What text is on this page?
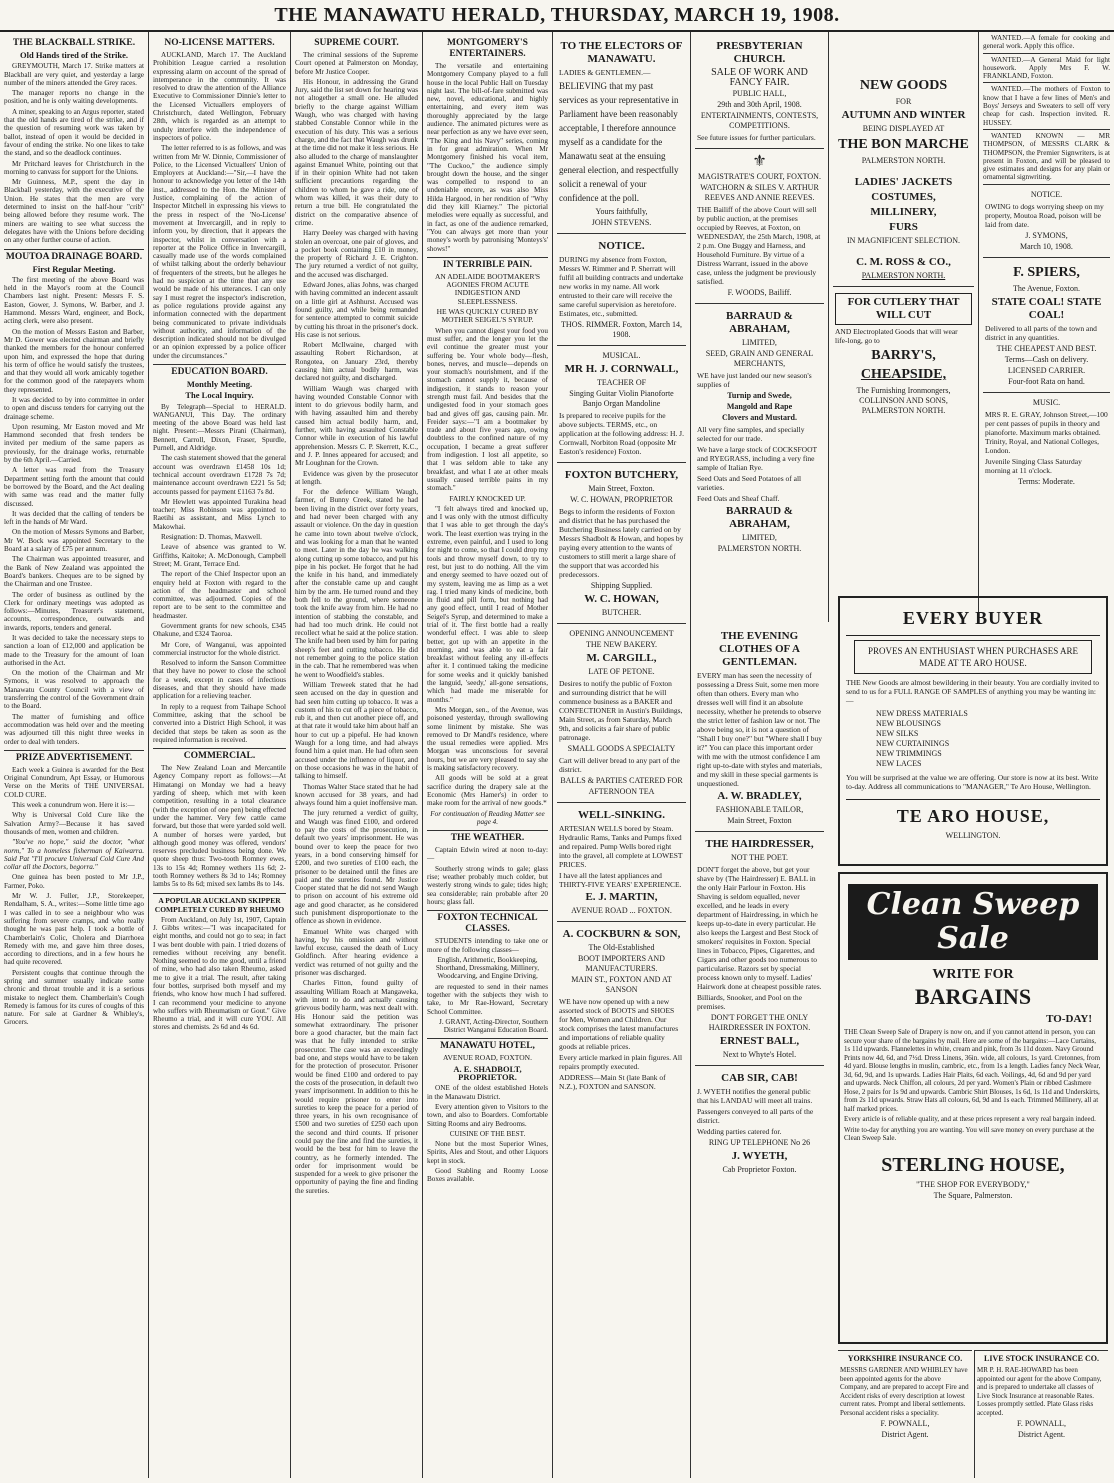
THE MANAWATU HERALD, THURSDAY, MARCH 19, 1908.
THE BLACKBALL STRIKE.
Old Hands tired of the Strike.

GREYMOUTH, March 17. Strike matters at Blackball are very quiet, and yesterday a large number of the miners attended the Grey races.

The manager reports no change in the position, and he is only waiting developments.

A miner, speaking to an Argus reporter, stated that the old hands are tired of the strike, and if the question of resuming work was taken by ballot, instead of open it would be decided in favour of ending the strike. No one likes to take the stand, and so the deadlock continues.

Mr Pritchard leaves for Christchurch in the morning to canvass for support for the Unions.

Mr Guinness, M.P., spent the day in Blackball yesterday, with the executive of the Union. He states that the men are very determined to insist on the half-hour "crib" being allowed before they resume work. The miners are waiting to see what success the delegates have with the Unions before deciding on any other further course of action.

MOUTOA DRAINAGE BOARD.
First Regular Meeting.

The first meeting of the above Board was held in the Mayor's room at the Council Chambers last night. Present: Messrs F. S. Easton, Gower, J. Symons, W. Barber, and J. Hammond. Messrs Ward, engineer, and Bock, acting clerk, were also present.

On the motion of Messrs Easton and Barber, Mr D. Gower was elected chairman and briefly thanked the members for the honour conferred upon him, and expressed the hope that during his term of office he would satisfy the trustees, and that they would all work amicably together for the common good of the ratepayers whom they represented.

It was decided to by into committee in order to open and discuss tenders for carrying out the drainage scheme.

Upon resuming, Mr Easton moved and Mr Hammond seconded that fresh tenders be invited per medium of the same papers as previously, for the drainage works, returnable by the 6th April.—Carried.

A letter was read from the Treasury Department setting forth the amount that could be borrowed by the Board, and the Act dealing with same was read and the matter fully discussed.

It was decided that the calling of tenders be left in the hands of Mr Ward.

On the motion of Messrs Symons and Barber, Mr W. Bock was appointed Secretary to the Board at a salary of £75 per annum.

The Chairman was appointed treasurer, and the Bank of New Zealand was appointed the Board's bankers. Cheques are to be signed by the Chairman and one Trustee.

The order of business as outlined by the Clerk for ordinary meetings was adopted as follows:—Minutes, Treasurer's statement, accounts, correspondence, outwards and inwards, reports, tenders and general.

It was decided to take the necessary steps to sanction a loan of £12,000 and application be made to the Treasury for the amount of loan authorised in the Act.

On the motion of the Chairman and Mr Symons, it was resolved to approach the Manawatu County Council with a view of transferring the control of the Government drain to the Board.

The matter of furnishing and office accommodation was held over and the meeting was adjourned till this night three weeks in order to deal with tenders.

PRIZE ADVERTISEMENT.

Each week a Guinea is awarded for the Best Original Conundrum, Apt Essay, or Humorous Verse on the Merits of THE UNIVERSAL COLD CURE.

This week a conundrum won. Here it is:—

Why is Universal Cold Cure like the Salvation Army?—Because it has saved thousands of men, women and children.

"You've no hope," said the doctor, "what norm," To a homeless fisherman of Kaiwarra. Said Pat "I'll procure Universal Cold Cure And collar all the Doctors, begorra."

One guinea has been posted to Mr J.P., Farmer, Poko.

Mr W. J. Fuller, J.P., Storekeeper, Rendalham, S. A., writes:—Some little time ago I was called in to see a neighbour who was suffering from severe cramps, and who really thought he was past help. I took a bottle of Chamberlain's Colic, Cholera and Diarrhoea Remedy with me, and gave him three doses, according to directions, and in a few hours he had quite recovered.

Persistent coughs that continue through the spring and summer usually indicate some chronic and throat trouble and it is a serious mistake to neglect them. Chamberlain's Cough Remedy is famous for its cures of coughs of this nature. For sale at Gardner & Whibley's, Grocers.

NO-LICENSE MATTERS.

AUCKLAND, March 17. The Auckland Prohibition League carried a resolution expressing alarm on account of the spread of intemperance in the community. It was resolved to draw the attention of the Alliance Executive to Commissioner Dinnie's letter to the Licensed Victuallers employers of Christchurch, dated Wellington, February 28th, which is regarded as an attempt to unduly interfere with the independence of inspectors of police.

The letter referred to is as follows, and was written from Mr W. Dinnie, Commissioner of Police, to the Licensed Victuallers' Union of Employers at Auckland:—"Sir,—I have the honour to acknowledge you letter of the 14th inst., addressed to the Hon. the Minister of Justice, complaining of the action of Inspector Mitchell in expressing his views to the press in respect of the 'No-License' movement at Invercargill, and in reply to inform you, by direction, that it appears the inspector, whilst in conversation with a reporter at the Police Office in Invercargill, casually made use of the words complained of whilst talking about the orderly behaviour of frequenters of the streets, but he alleges he had no suspicion at the time that any use would be made of his utterances. I can only say I must regret the inspector's indiscretion, as police regulations provide against any information connected with the department being communicated to private individuals without authority, and information of the description indicated should not be divulged or an opinion expressed by a police officer under the circumstances."

EDUCATION BOARD.
Monthly Meeting.
The Local Inquiry.

By Telegraph—Special to HERALD. WANGANUI, This Day. The ordinary meeting of the above Board was held last night. Present:—Messrs Pirani (Chairman), Bennett, Carroll, Dixon, Fraser, Spurdle, Purnell, and Aldridge.

The cash statement showed that the general account was overdrawn £1458 10s 1d; technical account overdrawn £1728 7s 7d; maintenance account overdrawn £221 5s 5d; accounts passed for payment £1163 7s 8d.

Mr Hewlett was appointed Turakina head teacher; Miss Robinson was appointed to Raetihi as assistant, and Miss Lynch to Makowhai.

Resignation: D. Thomas, Maxwell.

Leave of absence was granted to W. Griffiths, Kaitoke; A. McDonough, Campbell Street; M. Grant, Terrace End.

The report of the Chief Inspector upon an enquiry held at Foxton with regard to the action of the headmaster and school committee, was adjourned. Copies of the report are to be sent to the committee and headmaster.

Government grants for new schools, £345 Ohakune, and £324 Taoroa.

Mr Core, of Wanganui, was appointed commercial instructor for the whole district.

Resolved to inform the Sanson Committee that they have no power to close the school for a week, except in cases of infectious diseases, and that they should have made application for a relieving teacher.

In reply to a request from Taihape School Committee, asking that the school be converted into a District High School, it was decided that steps be taken as soon as the required information is received.

COMMERCIAL.

The New Zealand Loan and Mercantile Agency Company report as follows:—At Himatangi on Monday we had a heavy yarding of sheep, which met with keen competition, resulting in a total clearance (with the exception of one pen) being effected under the hammer. Very few cattle came forward, but those that were yarded sold well. A number of horses were yarded, but although good money was offered, vendors' reserves precluded business being done. We quote sheep thus: Two-tooth Romney ewes, 13s to 15s 4d; Romney wethers 11s 6d; 2-tooth Romney wethers 8s 3d to 14s; Romney lambs 5s to 8s 6d; mixed sex lambs 8s to 14s.

A POPULAR AUCKLAND SKIPPER COMPLETELY CURED BY RHEUMO

From Auckland, on July 1st, 1907, Captain J. Gibbs writes:—"I was incapacitated for eight months, and could not go to sea; in fact I was bent double with pain. I tried dozens of remedies without receiving any benefit. Nothing seemed to do me good, until a friend of mine, who had also taken Rheumo, asked me to give it a trial. The result, after taking four bottles, surprised both myself and my friends, who know how much I had suffered. I can recommend your medicine to anyone who suffers with Rheumatism or Gout." Give Rheumo a trial, and it will cure YOU. All stores and chemists. 2s 6d and 4s 6d.

SUPREME COURT.

The criminal sessions of the Supreme Court opened at Palmerston on Monday, before Mr Justice Cooper.

His Honour, in addressing the Grand Jury, said the list set down for hearing was not altogether a small one. He alluded briefly to the charge against William Waugh, who was charged with having stabbed Constable Connor while in the execution of his duty. This was a serious charge, and the fact that Waugh was drunk at the time did not make it less serious. He also alluded to the charge of manslaughter against Emanuel White, pointing out that if in their opinion White had not taken sufficient precautions regarding the children to whom he gave a ride, one of whom was killed, it was their duty to return a true bill. He congratulated the district on the comparative absence of crime.

Harry Deeley was charged with having stolen an overcoat, one pair of gloves, and a pocket book containing £10 in money, the property of Richard J. E. Crighton. The jury returned a verdict of not guilty, and the accused was discharged.

Edward Jones, alias Johns, was charged with having committed an indecent assault on a little girl at Ashhurst. Accused was found guilty, and while being remanded for sentence attempted to commit suicide by cutting his throat in the prisoner's dock. His case is not serious.

Robert McIlwaine, charged with assaulting Robert Richardson, at Rongotea, on January 23rd, thereby causing him actual bodily harm, was declared not guilty, and discharged.

William Waugh was charged with having wounded Constable Connor with intent to do grievous bodily harm, and with having assaulted him and thereby caused him actual bodily harm, and, further, with having assaulted Constable Connor while in execution of his lawful apprehension. Messrs C. P. Skerrett, K.C., and J. P. Innes appeared for accused; and Mr Loughnan for the Crown.

Evidence was given by the prosecutor at length.

For the defence William Waugh, farmer, of Bunny Creek, stated he had been living in the district over forty years, and had never been charged with any assault or violence. On the day in question he came into town about twelve o'clock, and was looking for a man that he wanted to meet. Later in the day he was walking along cutting up some tobacco, and put his pipe in his pocket. He forgot that he had the knife in his hand, and immediately after the constable came up and caught him by the arm. He turned round and they both fell to the ground, where someone took the knife away from him. He had no intention of stabbing the constable, and had had too much drink. He could not recollect what he said at the police station. The knife had been used by him for paring sheep's feet and cutting tobacco. He did not remember going to the police station in the cab. That he remembered was when he went to Woodfield's stables.

William Treweek stated that he had seen accused on the day in question and had seen him cutting up tobacco. It was a custom of his to cut off a piece of tobacco, rub it, and then cut another piece off, and at that rate it would take him about half an hour to cut up a pipeful. He had known Waugh for a long time, and had always found him a quiet man. He had often seen accused under the influence of liquor, and on those occasions he was in the habit of talking to himself.

Thomas Walter Stace stated that he had known accused for 38 years, and had always found him a quiet inoffensive man.

The jury returned a verdict of guilty, and Waugh was fined £100, and ordered to pay the costs of the prosecution, in default two years' imprisonment. He was bound over to keep the peace for two years, in a bond conserving himself for £200, and two sureties of £100 each, the prisoner to be detained until the fines are paid and the sureties found. Mr Justice Cooper stated that he did not send Waugh to prison on account of his extreme old age and good character, as he considered such punishment disproportionate to the offence as shown in evidence.

Emanuel White was charged with having, by his omission and without lawful excuse, caused the death of Lucy Goldfinch. After hearing evidence a verdict was returned of not guilty and the prisoner was discharged.

Charles Fitton, found guilty of assaulting William Roach at Mangaweka, with intent to do and actually causing grievous bodily harm, was next dealt with. His Honour said the petition was somewhat extraordinary. The prisoner bore a good character, but the main fact was that he fully intended to strike prosecutor. The case was an exceedingly bad one, and steps would have to be taken for the protection of prosecutor. Prisoner would be fined £100 and ordered to pay the costs of the prosecution, in default two years' imprisonment. In addition to this he would require prisoner to enter into sureties to keep the peace for a period of three years, in his own recognisance of £500 and two sureties of £250 each upon the second and third counts. If prisoner could pay the fine and find the sureties, it would be the best for him to leave the country, as he formerly intended. The order for imprisonment would be suspended for a week to give prisoner the opportunity of paying the fine and finding the sureties.

MONTGOMERY'S ENTERTAINERS.

The versatile and entertaining Montgomery Company played to a full house in the local Public Hall on Tuesday night last. The bill-of-fare submitted was new, novel, educational, and highly entertaining, and every item was thoroughly appreciated by the large audience. The animated pictures were as near perfection as any we have ever seen, "The King and his Navy" series, coming in for great admiration. When Mr Montgomery finished his vocal item, "The Cuckoo," the audience simply brought down the house, and the singer was compelled to respond to an undeniable encore, as was also Miss Hilda Hargood, in her rendition of "Why did they kill Kiarney." The pictorial melodies were equally as successful, and in fact, as one of the audience remarked, "You can always get more than your money's worth by patronising 'Monteys's' shows!"

IN TERRIBLE PAIN.
AN ADELAIDE BOOTMAKER'S AGONIES FROM ACUTE INDIGESTION AND SLEEPLESSNESS.
HE WAS QUICKLY CURED BY MOTHER SEIGEL'S SYRUP.

When you cannot digest your food you must suffer, and the longer you let the evil continue the greater must your suffering be. Your whole body—flesh, bones, nerves, and muscle—depends on your stomach's nourishment, and if the stomach cannot supply it, because of indigestion, it stands to reason your strength must fail. And besides that the undigested food in your stomach goes bad and gives off gas, causing pain. Mr. Freider says:—"I am a bootmaker by trade and about five years ago, owing doubtless to the confined nature of my occupation, I became a great sufferer from indigestion. I lost all appetite, so that I was seldom able to take any breakfast, and what I ate at other meals usually caused terrible pains in my stomach."

FAIRLY KNOCKED UP.

"I felt always tired and knocked up, and I was only with the utmost difficulty that I was able to get through the day's work. The least exertion was trying in the extreme, even painful, and I used to long for night to come, so that I could drop my tools and throw myself down, to try to rest, but just to do nothing. All the vim and energy seemed to have oozed out of my system, leaving me as limp as a wet rag. I tried many kinds of medicine, both in fluid and pill form, but nothing had any good effect, until I read of Mother Seigel's Syrup, and determined to make a trial of it. The first bottle had a really wonderful effect. I was able to sleep better, got up with an appetite in the morning, and was able to eat a fair breakfast without feeling any ill-effects after it. I continued taking the medicine for some weeks and it quickly banished the languid, 'seedy,' all-gone sensations, which had made me miserable for months."

Mrs Morgan, sen., of the Avenue, was poisoned yesterday, through swallowing some liniment by mistake. She was removed to Dr Mandl's residence, where the usual remedies were applied. Mrs Morgan was unconscious for several hours, but we are very pleased to say she is making satisfactory recovery.

All goods will be sold at a great sacrifice during the drapery sale at the Economic (Mrs Hamer's) in order to make room for the arrival of new goods.*

For continuation of Reading Matter see page 4.

THE WEATHER.

Captain Edwin wired at noon to-day:—

Southerly strong winds to gale; glass rise; weather probably much colder, but westerly strong winds to gale; tides high; sea considerable; rain probable after 20 hours; glass fall.

FOXTON TECHNICAL CLASSES.

STUDENTS intending to take one or more of the following classes—

English, Arithmetic, Bookkeeping, Shorthand, Dressmaking, Millinery, Woodcarving, and Engine Driving,

are requested to send in their names together with the subjects they wish to take, to Mr Rae-Howard, Secretary School Committee.

J. GRANT, Acting-Director, Southern District Wanganui Education Board.

MANAWATU HOTEL,
AVENUE ROAD, FOXTON.
A. E. SHADBOLT, PROPRIETOR.

ONE of the oldest established Hotels in the Manawatu District.

Every attention given to Visitors to the town, and also to Boarders. Comfortable Sitting Rooms and airy Bedrooms.

CUISINE OF THE BEST.

None but the most Superior Wines, Spirits, Ales and Stout, and other Liquors kept in stock.

Good Stabling and Roomy Loose Boxes available.

TO THE ELECTORS OF MANAWATU.
LADIES & GENTLEMEN.—
BELIEVING that my past services as your representative in Parliament have been reasonably acceptable, I therefore announce myself as a candidate for the Manawatu seat at the ensuing general election, and respectfully solicit a renewal of your confidence at the poll.
Yours faithfully,
JOHN STEVENS.
NOTICE.
DURING my absence from Foxton, Messrs W. Rimmer and P. Sherratt will fulfil all building contracts and undertake new works in my name. All work entrusted to their care will receive the same careful supervision as heretofore. Estimates, etc., submitted.
THOS. RIMMER. Foxton, March 14, 1908.
MUSICAL.
MR H. J. CORNWALL,
TEACHER OF
Singing Guitar Violin Pianoforte Banjo Organ Mandoline
Is prepared to receive pupils for the above subjects. TERMS, etc., on application at the following address: H. J. Cornwall, Norbiton Road (opposite Mr Easton's residence) Foxton.
FOXTON BUTCHERY,
Main Street, Foxton.
W. C. HOWAN, PROPRIETOR
Begs to inform the residents of Foxton and district that he has purchased the Butchering Business lately carried on by Messrs Shadbolt & Howan, and hopes by paying every attention to the wants of customers to still merit a large share of the support that was accorded his predecessors.
Shipping Supplied.
W. C. HOWAN,
BUTCHER.
OPENING ANNOUNCEMENT
THE NEW BAKERY.
M. CARGILL,
LATE OF PETONE.
Desires to notify the public of Foxton and surrounding district that he will commence business as a BAKER and CONFECTIONER in Austin's Buildings, Main Street, as from Saturday, March 9th, and solicits a fair share of public patronage.
SMALL GOODS A SPECIALTY
Cart will deliver bread to any part of the district.
BALLS & PARTIES CATERED FOR
AFTERNOON TEA
WELL-SINKING.
ARTESIAN WELLS bored by Steam. Hydraulic Rams, Tanks and Pumps fixed and repaired. Pump Wells bored right into the gravel, all complete at LOWEST PRICES.
I have all the latest appliances and THIRTY-FIVE YEARS' EXPERIENCE.
E. J. MARTIN,
AVENUE ROAD ... FOXTON.
A. COCKBURN & SON,
The Old-Established
BOOT IMPORTERS AND MANUFACTURERS.
MAIN ST., FOXTON AND AT SANSON
WE have now opened up with a new assorted stock of BOOTS and SHOES for Men, Women and Children. Our stock comprises the latest manufactures and importations of reliable quality goods at reliable prices.
Every article marked in plain figures. All repairs promptly executed.
ADDRESS—Main St (late Bank of N.Z.), FOXTON and SANSON.
PRESBYTERIAN CHURCH.
SALE OF WORK AND FANCY FAIR.
PUBLIC HALL,
29th and 30th April, 1908.
ENTERTAINMENTS, CONTESTS, COMPETITIONS.
See future issues for further particulars.
⚜
MAGISTRATE'S COURT, FOXTON.
WATCHORN & SILES V. ARTHUR REEVES AND ANNIE REEVES.
THE Bailiff of the above Court will sell by public auction, at the premises occupied by Reeves, at Foxton, on WEDNESDAY, the 25th March, 1908, at 2 p.m. One Buggy and Harness, and Household Furniture. By virtue of a Distress Warrant, issued in the above case, unless the judgment be previously satisfied.
F. WOODS, Bailiff.
BARRAUD & ABRAHAM,
LIMITED,
SEED, GRAIN AND GENERAL MERCHANTS,
WE have just landed our new season's supplies of
Turnip and Swede,
Mangold and Rape
Clovers and Mustard.
All very fine samples, and specially selected for our trade.
We have a large stock of COCKSFOOT and RYEGRASS, including a very fine sample of Italian Rye.
Seed Oats and Seed Potatoes of all varieties.
Feed Oats and Sheaf Chaff.
BARRAUD & ABRAHAM,
LIMITED,
PALMERSTON NORTH.
THE EVENING CLOTHES OF A GENTLEMAN.
EVERY man has seen the necessity of possessing a Dress Suit, some men more often than others. Every man who dresses well will find it an absolute necessity, whether he pretends to observe the strict letter of fashion law or not. The above being so, it is not a question of "Shall I buy one?" but "Where shall I buy it?" You can place this important order with me with the utmost confidence I am right up-to-date with styles and materials, and my skill in these special garments is unquestioned.
A. W. BRADLEY,
FASHIONABLE TAILOR,
Main Street, Foxton
THE HAIRDRESSER,
NOT THE POET.
DON'T forget the above, but get your shave by (The Hairdresser) E. BALL in the only Hair Parlour in Foxton. His Shaving is seldom equalled, never excelled, and he leads in every department of Hairdressing, in which he keeps up-to-date in every particular. He also keeps the Largest and Best Stock of smokers' requisites in Foxton. Special lines in Tobacco, Pipes, Cigarettes, and Cigars and other goods too numerous to particularise. Razors set by special process known only to myself. Ladies' Hairwork done at cheapest possible rates.
Billiards, Snooker, and Pool on the premises.
DON'T FORGET THE ONLY HAIRDRESSER IN FOXTON.
ERNEST BALL,
Next to Whyte's Hotel.
CAB SIR, CAB!
J. WYETH notifies the general public that his LANDAU will meet all trains.
Passengers conveyed to all parts of the district.
Wedding parties catered for.
RING UP TELEPHONE No 26
J. WYETH,
Cab Proprietor Foxton.
NEW GOODS
FOR
AUTUMN AND WINTER
BEING DISPLAYED AT
THE BON MARCHE
PALMERSTON NORTH.
LADIES' JACKETS
COSTUMES,
MILLINERY,
FURS
IN MAGNIFICENT SELECTION.
C. M. ROSS & CO.,
PALMERSTON NORTH.
FOR CUTLERY THAT WILL CUT
AND Electroplated Goods that will wear life-long, go to
BARRY'S,
CHEAPSIDE,
The Furnishing Ironmongers, COLLINSON AND SONS, PALMERSTON NORTH.

WANTED.—A female for cooking and general work. Apply this office.

WANTED.—A General Maid for light housework. Apply Mrs F. W. FRANKLAND, Foxton.

WANTED.—The mothers of Foxton to know that I have a few lines of Men's and Boys' Jerseys and Sweaters to sell off very cheap for cash. Inspection invited. R. HUSSEY.

WANTED KNOWN — MR THOMPSON, of MESSRS CLARK & THOMPSON, the Premier Signwriters, is at present in Foxton, and will be pleased to give estimates and designs for any plain or ornamental signwriting.

NOTICE.
OWING to dogs worrying sheep on my property, Moutoa Road, poison will be laid from date.
J. SYMONS,
March 10, 1908.
F. SPIERS,
The Avenue, Foxton.
STATE COAL! STATE COAL!
Delivered to all parts of the town and district in any quantities.
THE CHEAPEST AND BEST.
Terms—Cash on delivery.
LICENSED CARRIER.
Four-foot Rata on hand.
MUSIC.
MRS R. E. GRAY, Johnson Street,—100 per cent passes of pupils in theory and pianoforte. Maximum marks obtained. Trinity, Royal, and National Colleges, London.
Juvenile Singing Class Saturday morning at 11 o'clock.
Terms: Moderate.
EVERY BUYER
PROVES AN ENTHUSIAST WHEN PURCHASES ARE MADE AT TE ARO HOUSE.
THE New Goods are almost bewildering in their beauty. You are cordially invited to send to us for a FULL RANGE OF SAMPLES of anything you may be wanting in:—
NEW DRESS MATERIALS
NEW BLOUSINGS
NEW SILKS
NEW CURTAININGS
NEW TRIMMINGS
NEW LACES
You will be surprised at the value we are offering. Our store is now at its best. Write to-day. Address all communications to "MANAGER," Te Aro House, Wellington.
TE ARO HOUSE,
WELLINGTON.
Clean Sweep Sale
WRITE FOR
BARGAINS
TO-DAY!
THE Clean Sweep Sale of Drapery is now on, and if you cannot attend in person, you can secure your share of the bargains by mail. Here are some of the bargains:—Lace Curtains, 1s 11d upwards. Flannelettes in white, cream and pink, from 3s 11d dozen. Navy Ground Prints now 4d, 6d, and 7½d. Dress Linens, 36in. wide, all colours, 1s yard. Cretonnes, from 4d yard. Blouse lengths in muslin, cambric, etc., from 1s a length. Ladies fancy Neck Wear, 3d, 6d, 9d, and 1s upwards. Ladies Hair Plaits, 6d each. Voilings, 4d, 6d and 9d per yard and upwards. Neck Chiffon, all colours, 2d per yard. Women's Plain or ribbed Cashmere Hose, 2 pairs for 1s 9d and upwards. Cambric Shirt Blouses, 1s 6d, 1s 11d and Underskirts, from 2s 11d upwards. Straw Hats all colours, 6d, 9d and 1s each. Trimmed Millinery, all at half marked prices.
Every article is of reliable quality, and at these prices represent a very real bargain indeed.
Write to-day for anything you are wanting. You will save money on every purchase at the Clean Sweep Sale.
STERLING HOUSE,
"THE SHOP FOR EVERYBODY,"
The Square, Palmerston.
YORKSHIRE INSURANCE CO.
MESSRS GARDNER AND WHIBLEY have been appointed agents for the above Company, and are prepared to accept Fire and Accident risks of every description at lowest current rates. Prompt and liberal settlements. Personal accident risks a speciality.
F. POWNALL,
District Agent.
LIVE STOCK INSURANCE CO.
MR P. H. RAE-HOWARD has been appointed our agent for the above Company, and is prepared to undertake all classes of Live Stock Insurance at reasonable Rates. Losses promptly settled. Plate Glass risks accepted.
F. POWNALL,
District Agent.
